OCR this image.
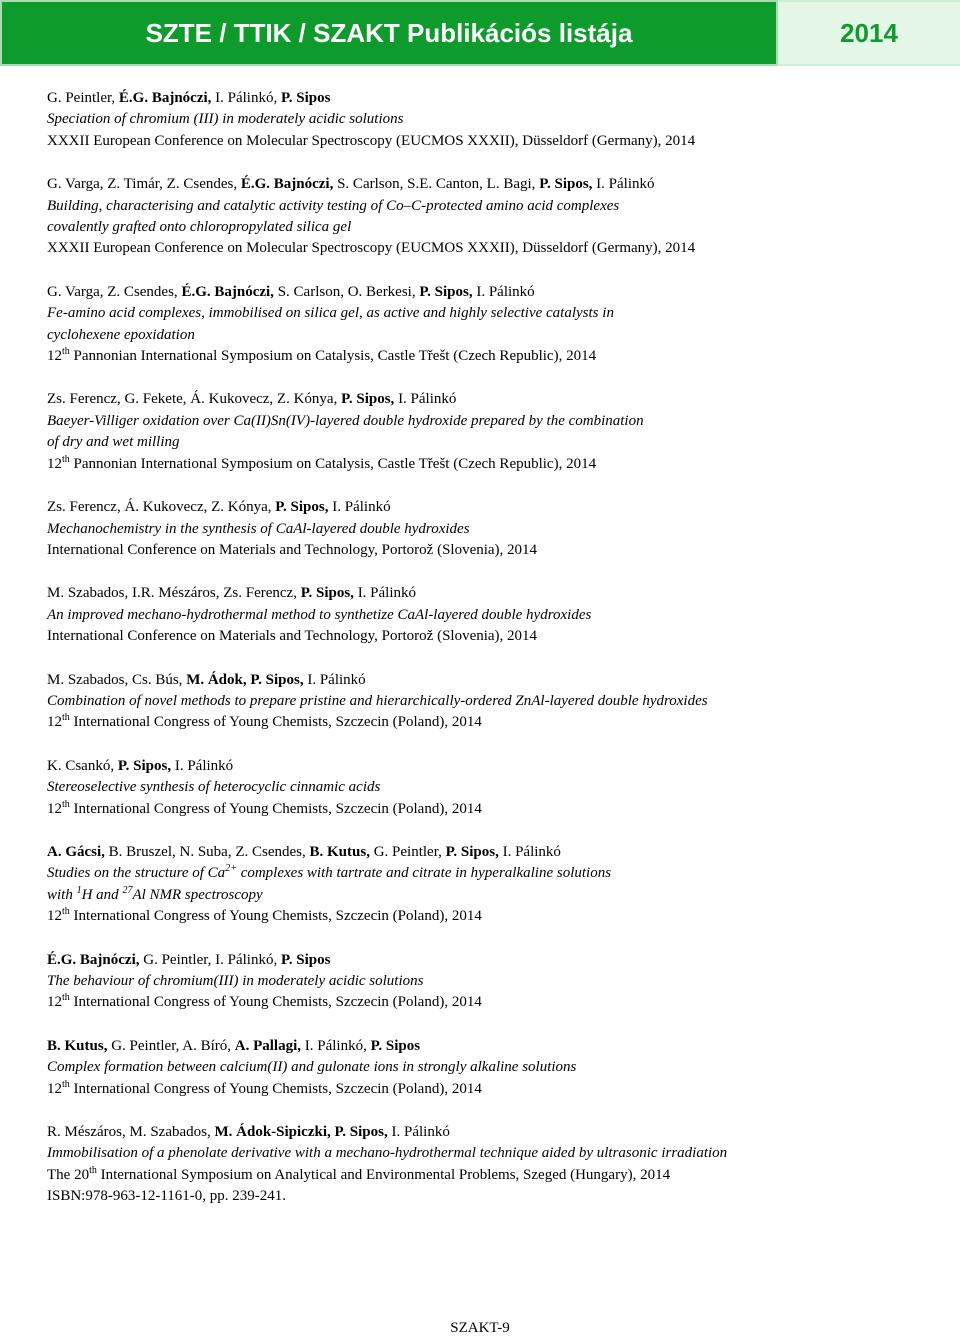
SZTE / TTIK / SZAKT Publikációs listája	2014

G. Peintler, É.G. Bajnóczi, I. Pálinkó, P. Sipos

Speciation of chromium (III) in moderately acidic solutions

XXXII European Conference on Molecular Spectroscopy (EUCMOS XXXII), Düsseldorf (Germany), 2014

G. Varga, Z. Timár, Z. Csendes, É.G. Bajnóczi, S. Carlson, S.E. Canton, L. Bagi, P. Sipos, I. Pálinkó

Building, characterising and catalytic activity testing of Co–C-protected amino acid complexes

covalently grafted onto chloropropylated silica gel

XXXII European Conference on Molecular Spectroscopy (EUCMOS XXXII), Düsseldorf (Germany), 2014

G. Varga, Z. Csendes, É.G. Bajnóczi, S. Carlson, O. Berkesi, P. Sipos, I. Pálinkó

Fe-amino acid complexes, immobilised on silica gel, as active and highly selective catalysts in

cyclohexene epoxidation

12th Pannonian International Symposium on Catalysis, Castle Třešt (Czech Republic), 2014

Zs. Ferencz, G. Fekete, Á. Kukovecz, Z. Kónya, P. Sipos, I. Pálinkó

Baeyer-Villiger oxidation over Ca(II)Sn(IV)-layered double hydroxide prepared by the combination

of dry and wet milling

12th Pannonian International Symposium on Catalysis, Castle Třešt (Czech Republic), 2014

Zs. Ferencz, Á. Kukovecz, Z. Kónya, P. Sipos, I. Pálinkó

Mechanochemistry in the synthesis of CaAl-layered double hydroxides

International Conference on Materials and Technology, Portorož (Slovenia), 2014

M. Szabados, I.R. Mészáros, Zs. Ferencz, P. Sipos, I. Pálinkó

An improved mechano-hydrothermal method to synthetize CaAl-layered double hydroxides

International Conference on Materials and Technology, Portorož (Slovenia), 2014

M. Szabados, Cs. Bús, M. Ádok, P. Sipos, I. Pálinkó

Combination of novel methods to prepare pristine and hierarchically-ordered ZnAl-layered double hydroxides

12th International Congress of Young Chemists, Szczecin (Poland), 2014

K. Csankó, P. Sipos, I. Pálinkó

Stereoselective synthesis of heterocyclic cinnamic acids

12th International Congress of Young Chemists, Szczecin (Poland), 2014

A. Gácsi, B. Bruszel, N. Suba, Z. Csendes, B. Kutus, G. Peintler, P. Sipos, I. Pálinkó

Studies on the structure of $Ca^{2+}$ complexes with tartrate and citrate in hyperalkaline solutions

with $^1$H and $^{27}$Al NMR spectroscopy

12th International Congress of Young Chemists, Szczecin (Poland), 2014

É.G. Bajnóczi, G. Peintler, I. Pálinkó, P. Sipos

The behaviour of chromium(III) in moderately acidic solutions

12th International Congress of Young Chemists, Szczecin (Poland), 2014

B. Kutus, G. Peintler, A. Bíró, A. Pallagi, I. Pálinkó, P. Sipos

Complex formation between calcium(II) and gulonate ions in strongly alkaline solutions

12th International Congress of Young Chemists, Szczecin (Poland), 2014

R. Mészáros, M. Szabados, M. Ádok-Sipiczki, P. Sipos, I. Pálinkó

Immobilisation of a phenolate derivative with a mechano-hydrothermal technique aided by ultrasonic irradiation

The 20th International Symposium on Analytical and Environmental Problems, Szeged (Hungary), 2014

ISBN:978-963-12-1161-0, pp. 239-241.

SZAKT-9
